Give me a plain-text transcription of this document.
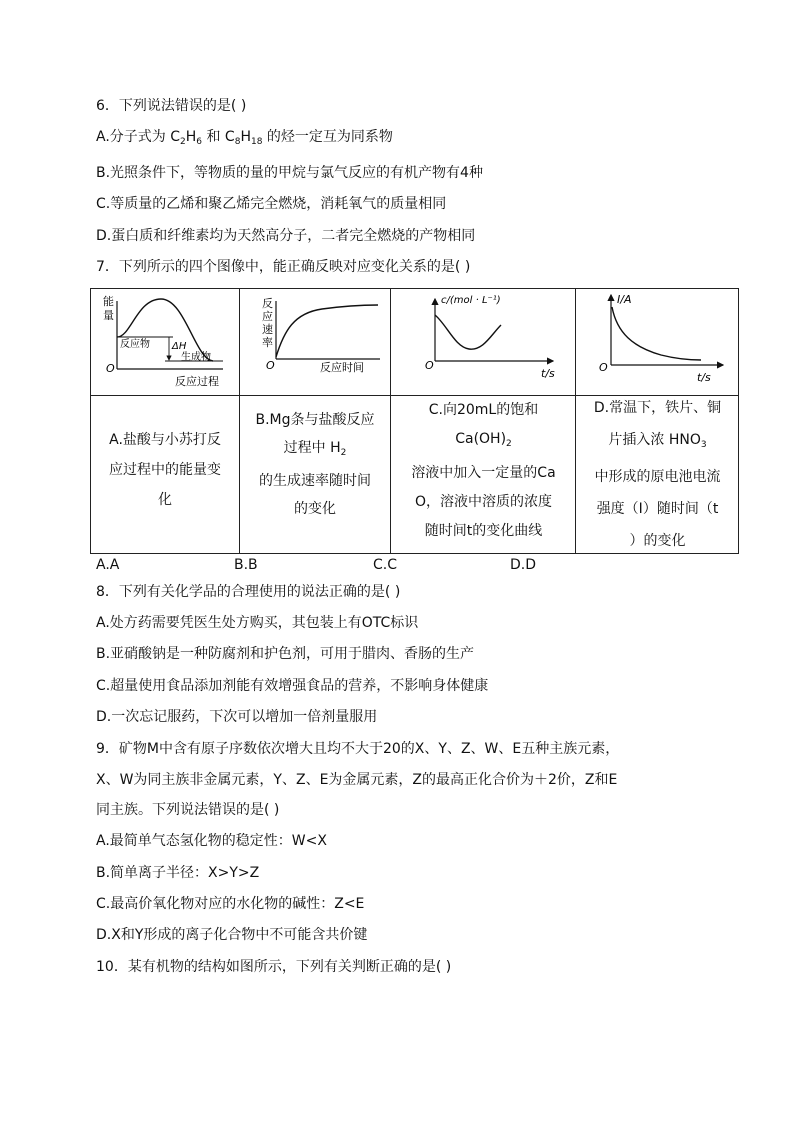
6．下列说法错误的是( )
A.分子式为 $C_2H_6$ 和 $C_8H_{18}$ 的烃一定互为同系物
B.光照条件下，等物质的量的甲烷与氯气反应的有机产物有4种
C.等质量的乙烯和聚乙烯完全燃烧，消耗氧气的质量相同
D.蛋白质和纤维素均为天然高分子，二者完全燃烧的产物相同
7．下列所示的四个图像中，能正确反映对应变化关系的是( )

能
量
反应物 ΔH
生成物
O
反应过程
反
应
速
率
O	反应时间
c/(mol · L⁻¹)
O
t/s
I/A
O
t/s
A.盐酸与小苏打反
应过程中的能量变
化
B.Mg条与盐酸反应
过程中 $H_2$
的生成速率随时间
的变化
C.向20mL的饱和
$Ca(OH)_2$
溶液中加入一定量的Ca
O，溶液中溶质的浓度
随时间t的变化曲线
D.常温下，铁片、铜
片插入浓 $HNO_3$
中形成的原电池电流
强度（I）随时间（t
）的变化
A.A	B.B	C.C	D.D
8．下列有关化学品的合理使用的说法正确的是( )
A.处方药需要凭医生处方购买，其包装上有OTC标识
B.亚硝酸钠是一种防腐剂和护色剂，可用于腊肉、香肠的生产
C.超量使用食品添加剂能有效增强食品的营养，不影响身体健康
D.一次忘记服药，下次可以增加一倍剂量服用
9．矿物M中含有原子序数依次增大且均不大于20的X、Y、Z、W、E五种主族元素，
X、W为同主族非金属元素，Y、Z、E为金属元素，Z的最高正化合价为＋2价，Z和E
同主族。下列说法错误的是( )
A.最简单气态氢化物的稳定性：W<X
B.简单离子半径：X>Y>Z
C.最高价氧化物对应的水化物的碱性：Z<E
D.X和Y形成的离子化合物中不可能含共价键
10．某有机物的结构如图所示，下列有关判断正确的是( )
